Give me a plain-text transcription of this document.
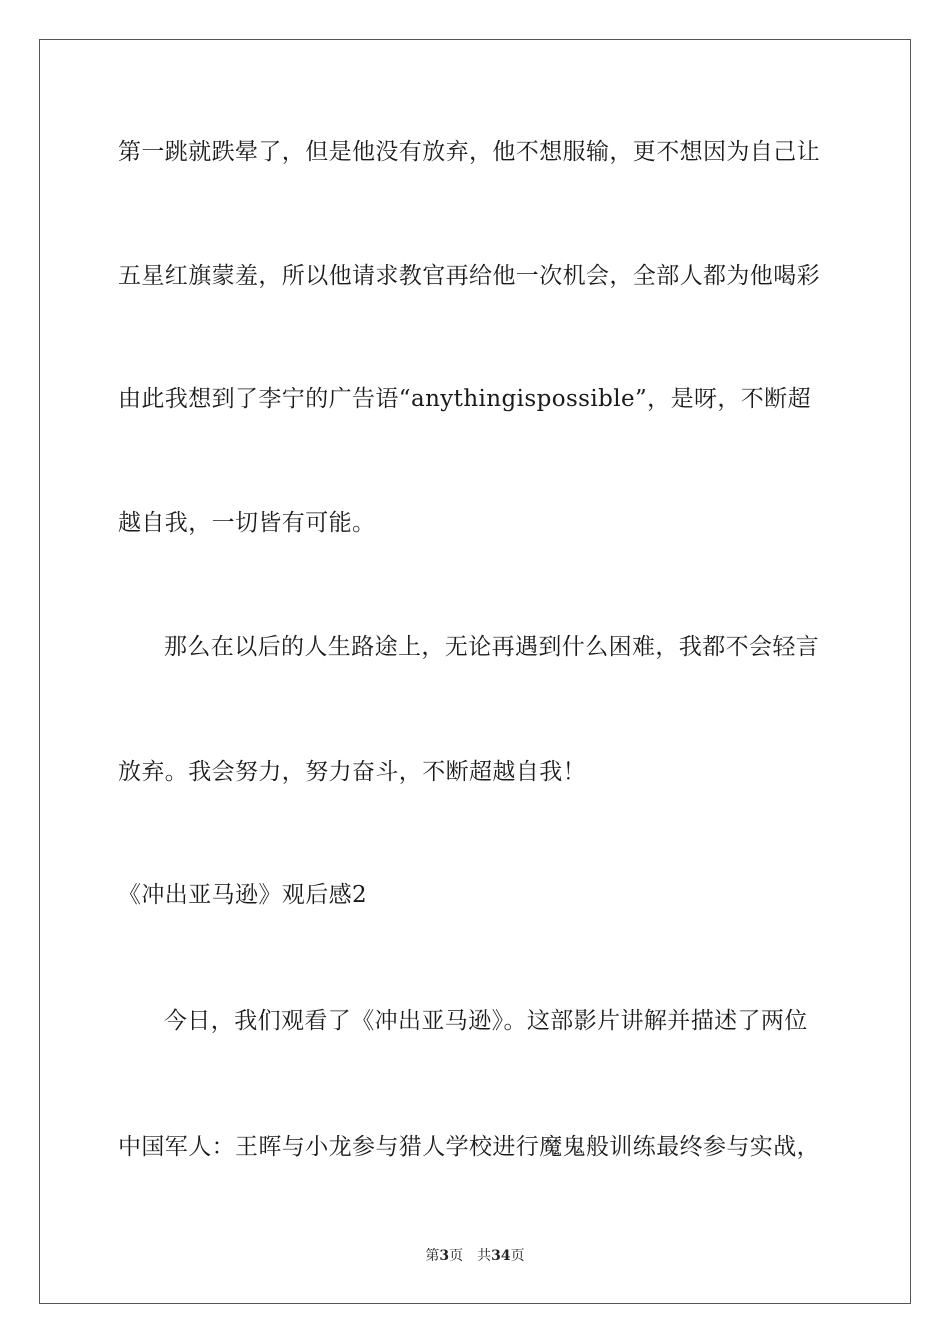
第一跳就跌晕了，但是他没有放弃，他不想服输，更不想因为自己让
五星红旗蒙羞，所以他请求教官再给他一次机会，全部人都为他喝彩
由此我想到了李宁的广告语“anythingispossible”，是呀，不断超
越自我，一切皆有可能。
那么在以后的人生路途上，无论再遇到什么困难，我都不会轻言
放弃。我会努力，努力奋斗，不断超越自我！
《冲出亚马逊》观后感2
今日，我们观看了《冲出亚马逊》。这部影片讲解并描述了两位
中国军人：王晖与小龙参与猎人学校进行魔鬼般训练最终参与实战，
第3页 共34页
